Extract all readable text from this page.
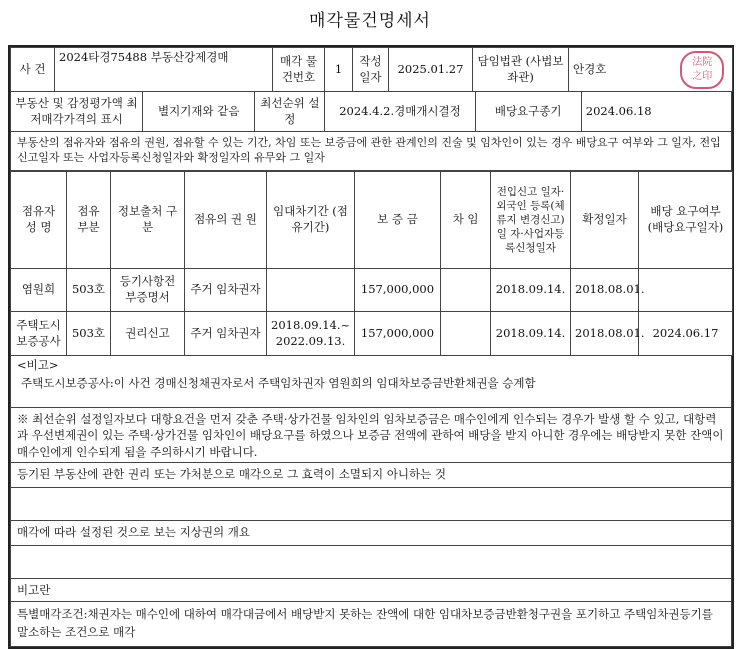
매각물건명세서
사 건	2024타경75488 부동산강제경매	매각 물건번호	1	작성 일자	2025.01.27	담임법관 (사법보좌관)	안경호	法院
之印
부동산 및 감정평가액 최저매각가격의 표시	별지기재와 같음	최선순위 설정	2024.4.2.경매개시결정	배당요구종기	2024.06.18
부동산의 점유자와 점유의 권원, 점유할 수 있는 기간, 차임 또는 보증금에 관한 관계인의 진술 및 임차인이 있는 경우 배당요구 여부와 그 일자, 전입신고일자 또는 사업자등록신청일자와 확정일자의 유무와 그 일자
점유자 성 명	점유 부분	정보출처 구 분	점유의 권 원	임대차기간 (점유기간)	보 증 금	차 임	전입신고 일자·외국인 등록(체류지 변경신고)일 자·사업자등 록신청일자	확정일자	배당 요구여부 (배당요구일자)
염원희	503호	등기사항전 부증명서	주거 임차권자		157,000,000		2018.09.14.	2018.08.01.	
주택도시 보증공사	503호	권리신고	주거 임차권자	2018.09.14.~ 2022.09.13.	157,000,000		2018.09.14.	2018.08.01.	2024.06.17
<비고>
주택도시보증공사:이 사건 경매신청채권자로서 주택임차권자 염원희의 임대차보증금반환채권을 승계함
※ 최선순위 설정일자보다 대항요건을 먼저 갖춘 주택·상가건물 임차인의 임차보증금은 매수인에게 인수되는 경우가 발생 할 수 있고, 대항력과 우선변제권이 있는 주택·상가건물 임차인이 배당요구를 하였으나 보증금 전액에 관하여 배당을 받지 아니한 경우에는 배당받지 못한 잔액이 매수인에게 인수되게 됨을 주의하시기 바랍니다.
등기된 부동산에 관한 권리 또는 가처분으로 매각으로 그 효력이 소멸되지 아니하는 것
매각에 따라 설정된 것으로 보는 지상권의 개요
비고란
특별매각조건:채권자는 매수인에 대하여 매각대금에서 배당받지 못하는 잔액에 대한 임대차보증금반환청구권을 포기하고 주택임차권등기를 말소하는 조건으로 매각
